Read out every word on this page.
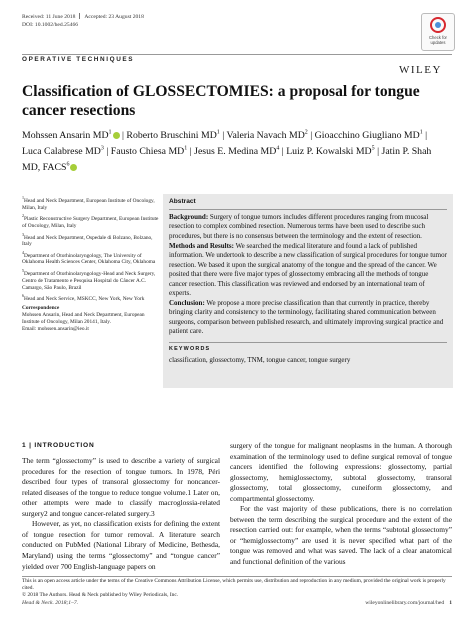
Received: 11 June 2018 Accepted: 23 August 2018
DOI: 10.1002/hed.25466
Check for updates
WILEY
OPERATIVE TECHNIQUES
Classification of GLOSSECTOMIES: a proposal for tongue cancer resections
Mohssen Ansarin $MD^1$ | Roberto Bruschini $MD^1$ | Valeria Navach $MD^2$ | Gioacchino Giugliano $MD^1$ | Luca Calabrese $MD^3$ | Fausto Chiesa $MD^1$ | Jesus E. Medina $MD^4$ | Luiz P. Kowalski $MD^5$ | Jatin P. Shah MD, FACS$^6$

$^1$Head and Neck Department, European Institute of Oncology, Milan, Italy

$^2$Plastic Reconstructive Surgery Department, European Institute of Oncology, Milan, Italy

$^3$Head and Neck Department, Ospedale di Bolzano, Bolzano, Italy

$^4$Department of Otorhinolaryngology, The University of Oklahoma Health Sciences Center, Oklahoma City, Oklahoma

$^5$Department of Otorhinolaryngology-Head and Neck Surgery, Centro de Tratamento e Pesquisa Hospital do Câncer A.C. Camargo, São Paulo, Brazil

$^6$Head and Neck Service, MSKCC, New York, New York

Correspondence
Mohssen Ansarin, Head and Neck Department, European Institute of Oncology, Milan 20141, Italy.
Email: mohssen.ansarin@ieo.it
Abstract
Background: Surgery of tongue tumors includes different procedures ranging from mucosal resection to complex combined resection. Numerous terms have been used to describe such procedures, but there is no consensus between the terminology and the extent of resection.
Methods and Results: We searched the medical literature and found a lack of published information. We undertook to describe a new classification of surgical procedures for tongue tumor resection. We based it upon the surgical anatomy of the tongue and the spread of the cancer. We posited that there were five major types of glossectomy embracing all the methods of tongue cancer resection. This classification was reviewed and endorsed by an international team of experts.
Conclusion: We propose a more precise classification than that currently in practice, thereby bringing clarity and consistency to the terminology, facilitating shared communication between surgeons, comparison between published research, and ultimately improving surgical practice and patient care.
KEYWORDS
classification, glossectomy, TNM, tongue cancer, tongue surgery
1 | INTRODUCTION

The term “glossectomy” is used to describe a variety of surgical procedures for the resection of tongue tumors. In 1978, Péri described four types of transoral glossectomy for noncancer-related diseases of the tongue to reduce tongue volume.1 Later on, other attempts were made to classify macroglossia-related surgery2 and tongue cancer-related surgery.3

However, as yet, no classification exists for defining the extent of tongue resection for tumor removal. A literature search conducted on PubMed (National Library of Medicine, Bethesda, Maryland) using the terms “glossectomy” and “tongue cancer” yielded over 700 English-language papers on

surgery of the tongue for malignant neoplasms in the human. A thorough examination of the terminology used to define surgical removal of tongue cancers identified the following expressions: glossectomy, partial glossectomy, hemiglossectomy, subtotal glossectomy, transoral glossectomy, total glossectomy, cuneiform glossectomy, and compartmental glossectomy.

For the vast majority of these publications, there is no correlation between the term describing the surgical procedure and the extent of the resection carried out: for example, when the terms “subtotal glossectomy” or “hemiglossectomy” are used it is never specified what part of the tongue was removed and what was saved. The lack of a clear anatomical and functional definition of the various

This is an open access article under the terms of the Creative Commons Attribution License, which permits use, distribution and reproduction in any medium, provided the original work is properly cited.
© 2018 The Authors. Head & Neck published by Wiley Periodicals, Inc.
Head & Neck. 2018;1–7.	wileyonlinelibrary.com/journal/hed 1
